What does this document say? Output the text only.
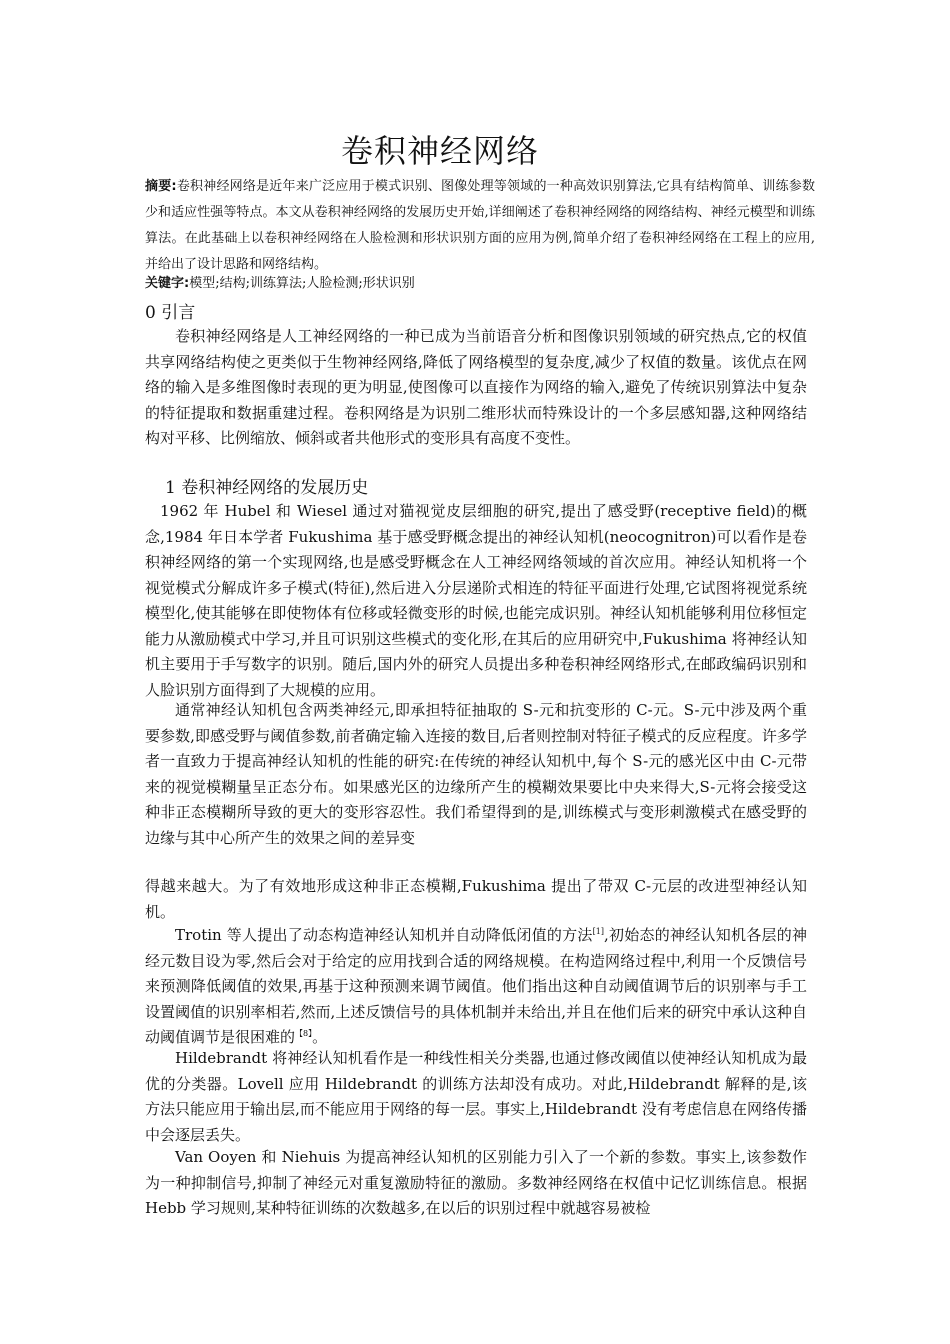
卷积神经网络
摘要:卷积神经网络是近年来广泛应用于模式识别、图像处理等领域的一种高效识别算法,它具有结构简单、训练参数少和适应性强等特点。本文从卷积神经网络的发展历史开始,详细阐述了卷积神经网络的网络结构、神经元模型和训练算法。在此基础上以卷积神经网络在人脸检测和形状识别方面的应用为例,简单介绍了卷积神经网络在工程上的应用,并给出了设计思路和网络结构。
关键字:模型;结构;训练算法;人脸检测;形状识别
0 引言
卷积神经网络是人工神经网络的一种已成为当前语音分析和图像识别领域的研究热点,它的权值共享网络结构使之更类似于生物神经网络,降低了网络模型的复杂度,减少了权值的数量。该优点在网络的输入是多维图像时表现的更为明显,使图像可以直接作为网络的输入,避免了传统识别算法中复杂的特征提取和数据重建过程。卷积网络是为识别二维形状而特殊设计的一个多层感知器,这种网络结构对平移、比例缩放、倾斜或者共他形式的变形具有高度不变性。
1 卷积神经网络的发展历史
1962 年 Hubel 和 Wiesel 通过对猫视觉皮层细胞的研究,提出了感受野(receptive field)的概念,1984 年日本学者 Fukushima 基于感受野概念提出的神经认知机(neocognitron)可以看作是卷积神经网络的第一个实现网络,也是感受野概念在人工神经网络领域的首次应用。神经认知机将一个视觉模式分解成许多子模式(特征),然后进入分层递阶式相连的特征平面进行处理,它试图将视觉系统模型化,使其能够在即使物体有位移或轻微变形的时候,也能完成识别。神经认知机能够利用位移恒定能力从激励模式中学习,并且可识别这些模式的变化形,在其后的应用研究中,Fukushima 将神经认知机主要用于手写数字的识别。随后,国内外的研究人员提出多种卷积神经网络形式,在邮政编码识别和人脸识别方面得到了大规模的应用。
通常神经认知机包含两类神经元,即承担特征抽取的 S-元和抗变形的 C-元。S-元中涉及两个重要参数,即感受野与阈值参数,前者确定输入连接的数目,后者则控制对特征子模式的反应程度。许多学者一直致力于提高神经认知机的性能的研究:在传统的神经认知机中,每个 S-元的感光区中由 C-元带来的视觉模糊量呈正态分布。如果感光区的边缘所产生的模糊效果要比中央来得大,S-元将会接受这种非正态模糊所导致的更大的变形容忍性。我们希望得到的是,训练模式与变形刺激模式在感受野的边缘与其中心所产生的效果之间的差异变
得越来越大。为了有效地形成这种非正态模糊,Fukushima 提出了带双 C-元层的改进型神经认知机。
Trotin 等人提出了动态构造神经认知机并自动降低闭值的方法[1],初始态的神经认知机各层的神经元数目设为零,然后会对于给定的应用找到合适的网络规模。在构造网络过程中,利用一个反馈信号来预测降低阈值的效果,再基于这种预测来调节阈值。他们指出这种自动阈值调节后的识别率与手工设置阈值的识别率相若,然而,上述反馈信号的具体机制并未给出,并且在他们后来的研究中承认这种自动阈值调节是很困难的$^{【8】}$。
Hildebrandt 将神经认知机看作是一种线性相关分类器,也通过修改阈值以使神经认知机成为最优的分类器。Lovell 应用 Hildebrandt 的训练方法却没有成功。对此,Hildebrandt 解释的是,该方法只能应用于输出层,而不能应用于网络的每一层。事实上,Hildebrandt 没有考虑信息在网络传播中会逐层丢失。
Van Ooyen 和 Niehuis 为提高神经认知机的区别能力引入了一个新的参数。事实上,该参数作为一种抑制信号,抑制了神经元对重复激励特征的激励。多数神经网络在权值中记忆训练信息。根据 Hebb 学习规则,某种特征训练的次数越多,在以后的识别过程中就越容易被检
